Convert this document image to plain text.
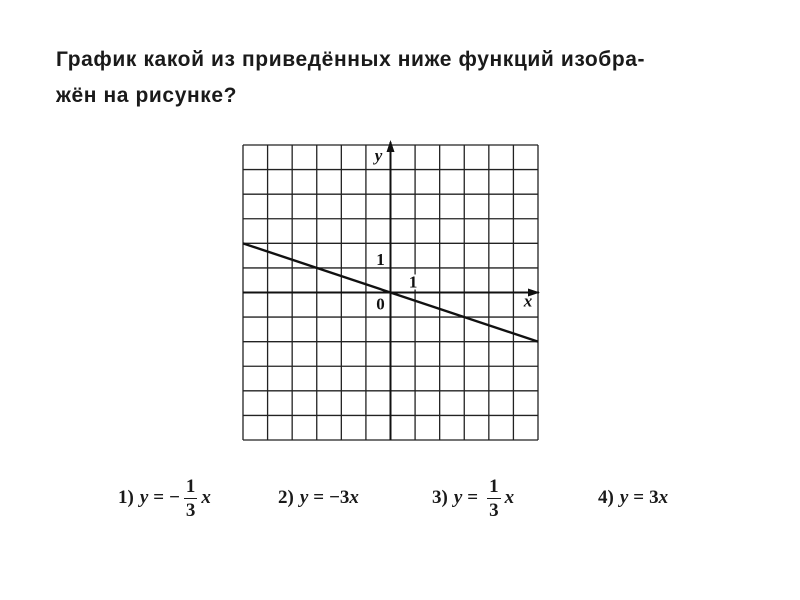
График какой из приведённых ниже функций изобра-
жён на рисунке?
x
y
0
1
1
1) y = − $\frac{1}{3}$ x	2) y = −3 x	3) $y = \frac{1}{3}$ x	4) y = 3 x
